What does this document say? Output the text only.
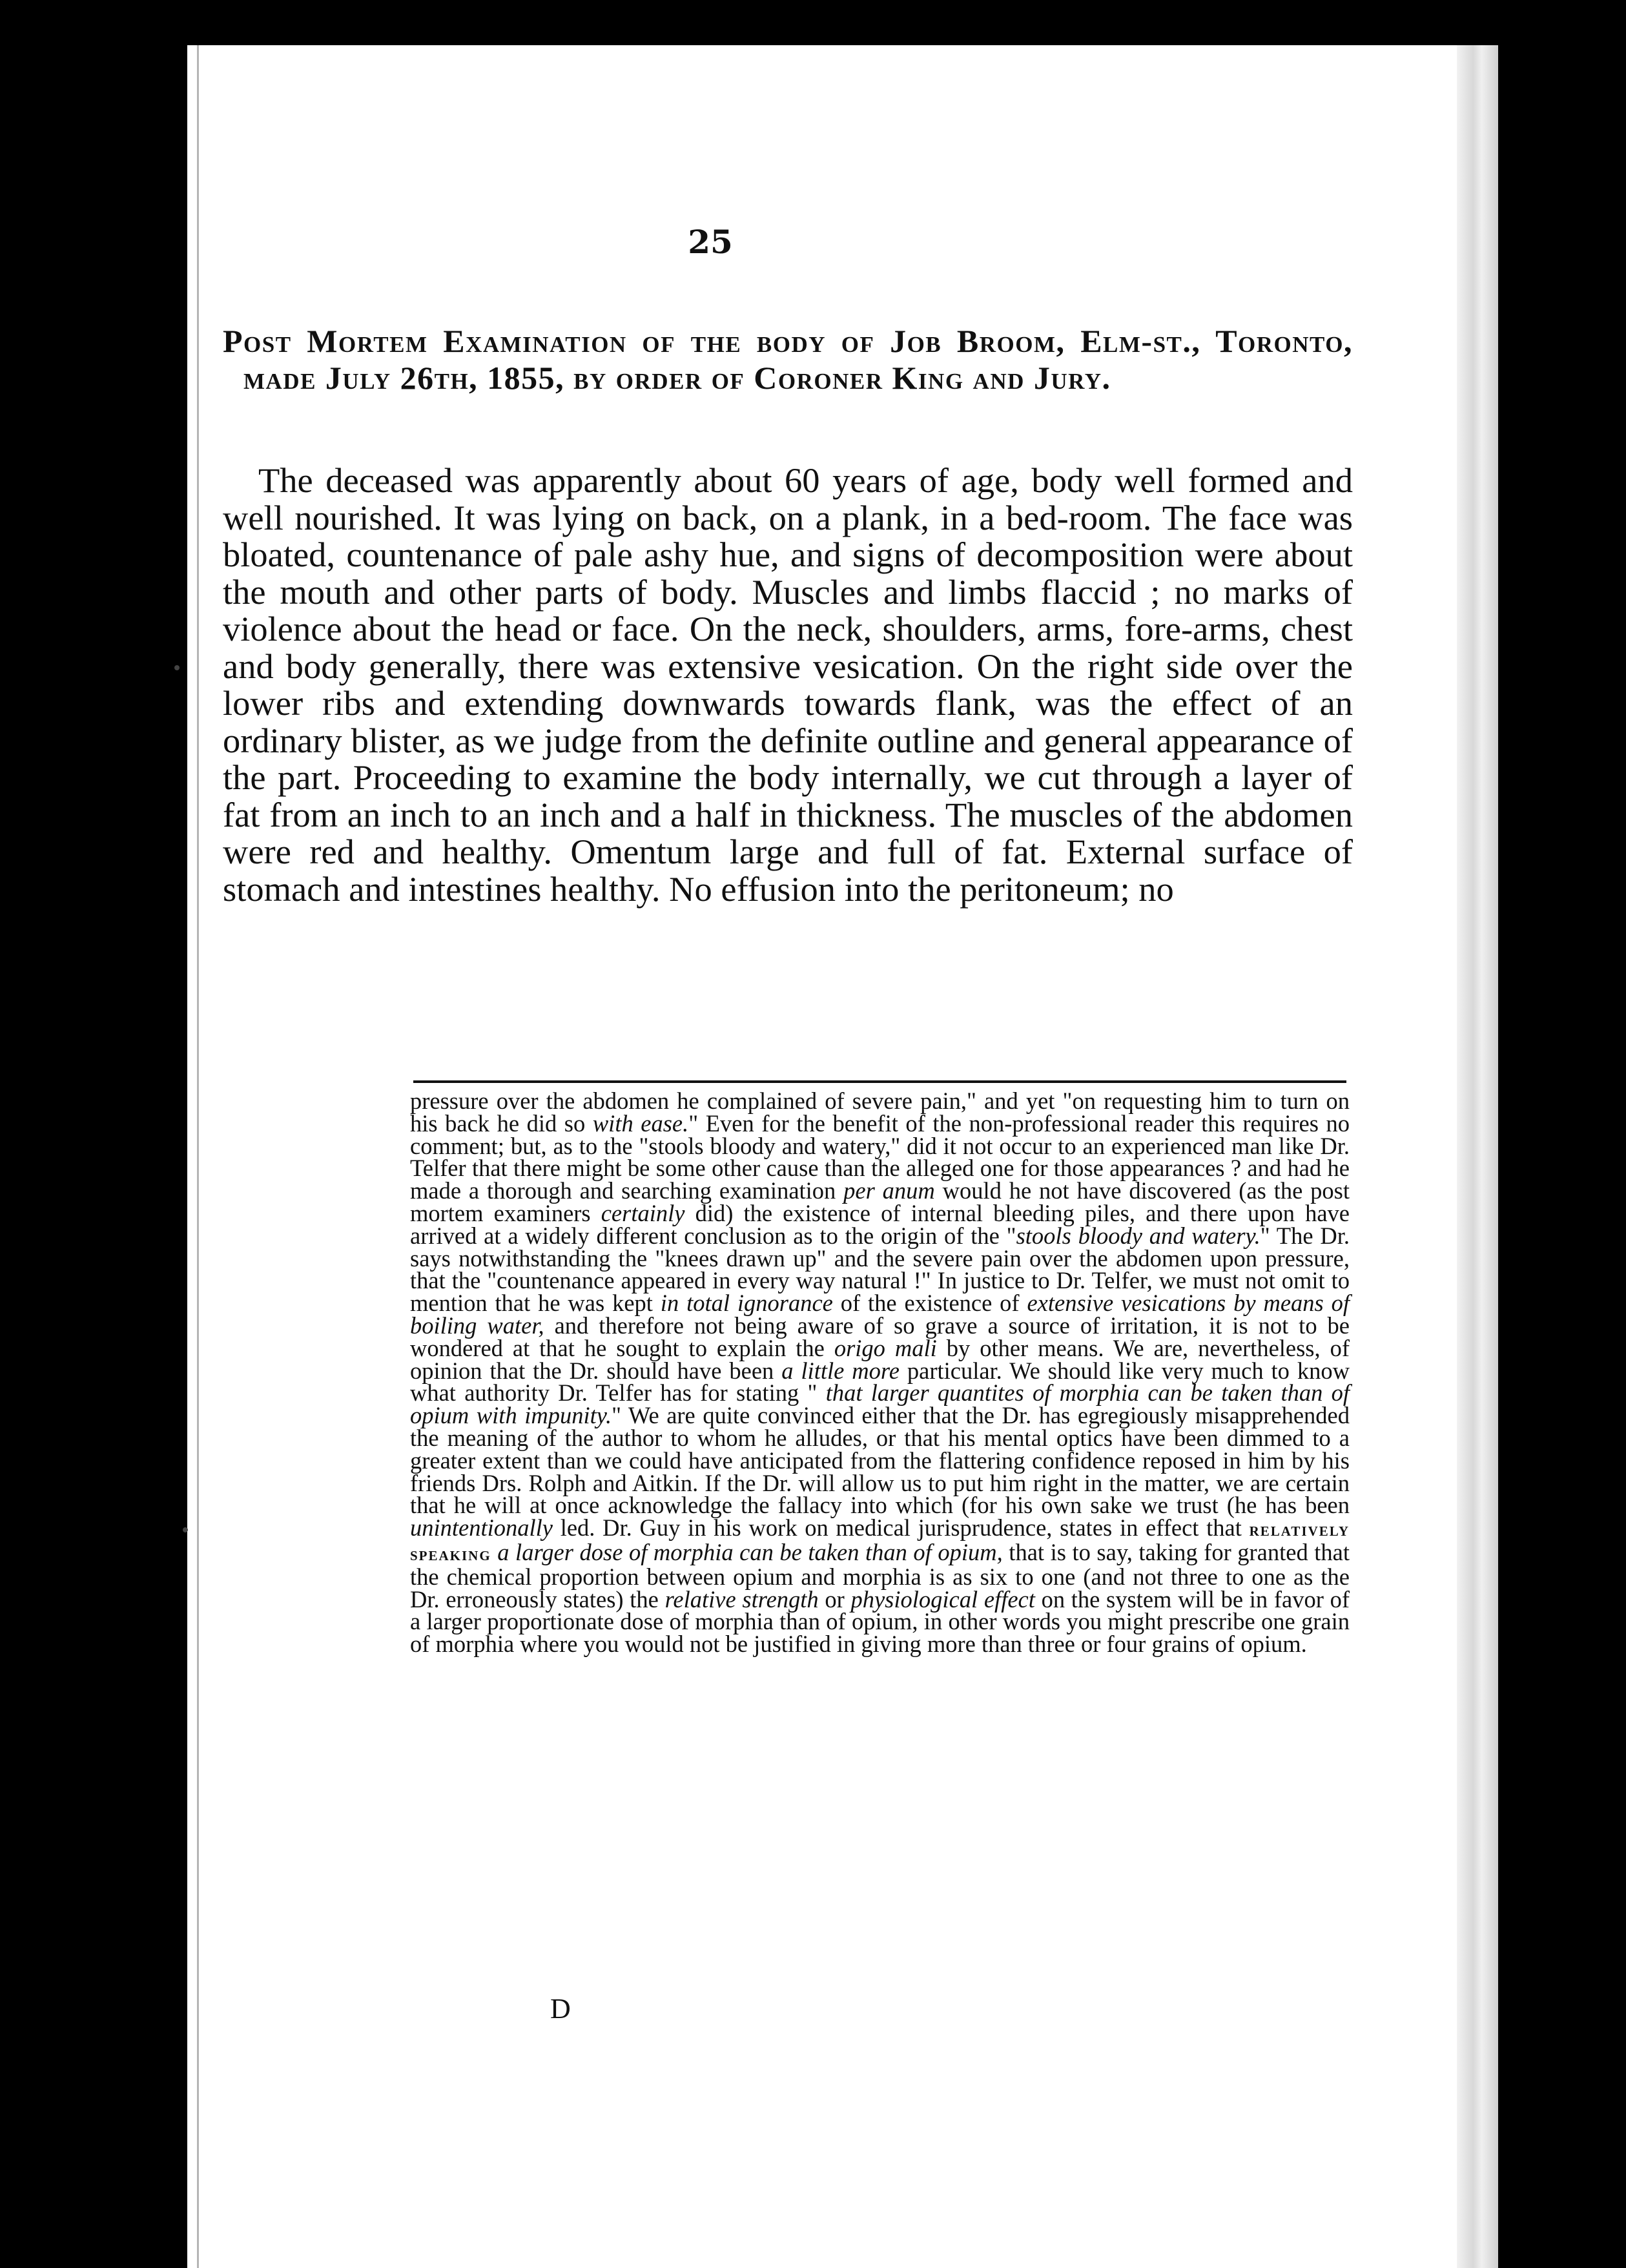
25
Post Mortem Examination of the body of Job Broom, Elm-st., Toronto, made July 26th, 1855, by order of Coroner King and Jury.

The deceased was apparently about 60 years of age, body well formed and well nourished. It was lying on back, on a plank, in a bed-room. The face was bloated, countenance of pale ashy hue, and signs of decomposition were about the mouth and other parts of body. Muscles and limbs flaccid ; no marks of violence about the head or face. On the neck, shoulders, arms, fore-arms, chest and body generally, there was extensive vesication. On the right side over the lower ribs and extending downwards towards flank, was the effect of an ordinary blister, as we judge from the definite outline and general appearance of the part. Proceeding to examine the body internally, we cut through a layer of fat from an inch to an inch and a half in thickness. The muscles of the abdomen were red and healthy. Omentum large and full of fat. External surface of stomach and intestines healthy. No effusion into the peritoneum; no

pressure over the abdomen he complained of severe pain," and yet "on requesting him to turn on his back he did so with ease." Even for the benefit of the non-professional reader this requires no comment; but, as to the "stools bloody and watery," did it not occur to an experienced man like Dr. Telfer that there might be some other cause than the alleged one for those appearances ? and had he made a thorough and searching examination per anum would he not have discovered (as the post mortem examiners certainly did) the existence of internal bleeding piles, and there upon have arrived at a widely different conclusion as to the origin of the "stools bloody and watery." The Dr. says notwithstanding the "knees drawn up" and the severe pain over the abdomen upon pressure, that the "countenance appeared in every way natural !" In justice to Dr. Telfer, we must not omit to mention that he was kept in total ignorance of the existence of extensive vesications by means of boiling water, and therefore not being aware of so grave a source of irritation, it is not to be wondered at that he sought to explain the origo mali by other means. We are, nevertheless, of opinion that the Dr. should have been a little more particular. We should like very much to know what authority Dr. Telfer has for stating " that larger quantites of morphia can be taken than of opium with impunity." We are quite convinced either that the Dr. has egregiously misapprehended the meaning of the author to whom he alludes, or that his mental optics have been dimmed to a greater extent than we could have anticipated from the flattering confidence reposed in him by his friends Drs. Rolph and Aitkin. If the Dr. will allow us to put him right in the matter, we are certain that he will at once acknowledge the fallacy into which (for his own sake we trust (he has been unintentionally led. Dr. Guy in his work on medical jurisprudence, states in effect that relatively speaking a larger dose of morphia can be taken than of opium, that is to say, taking for granted that the chemical proportion between opium and morphia is as six to one (and not three to one as the Dr. erroneously states) the relative strength or physiological effect on the system will be in favor of a larger proportionate dose of morphia than of opium, in other words you might prescribe one grain of morphia where you would not be justified in giving more than three or four grains of opium.

D
